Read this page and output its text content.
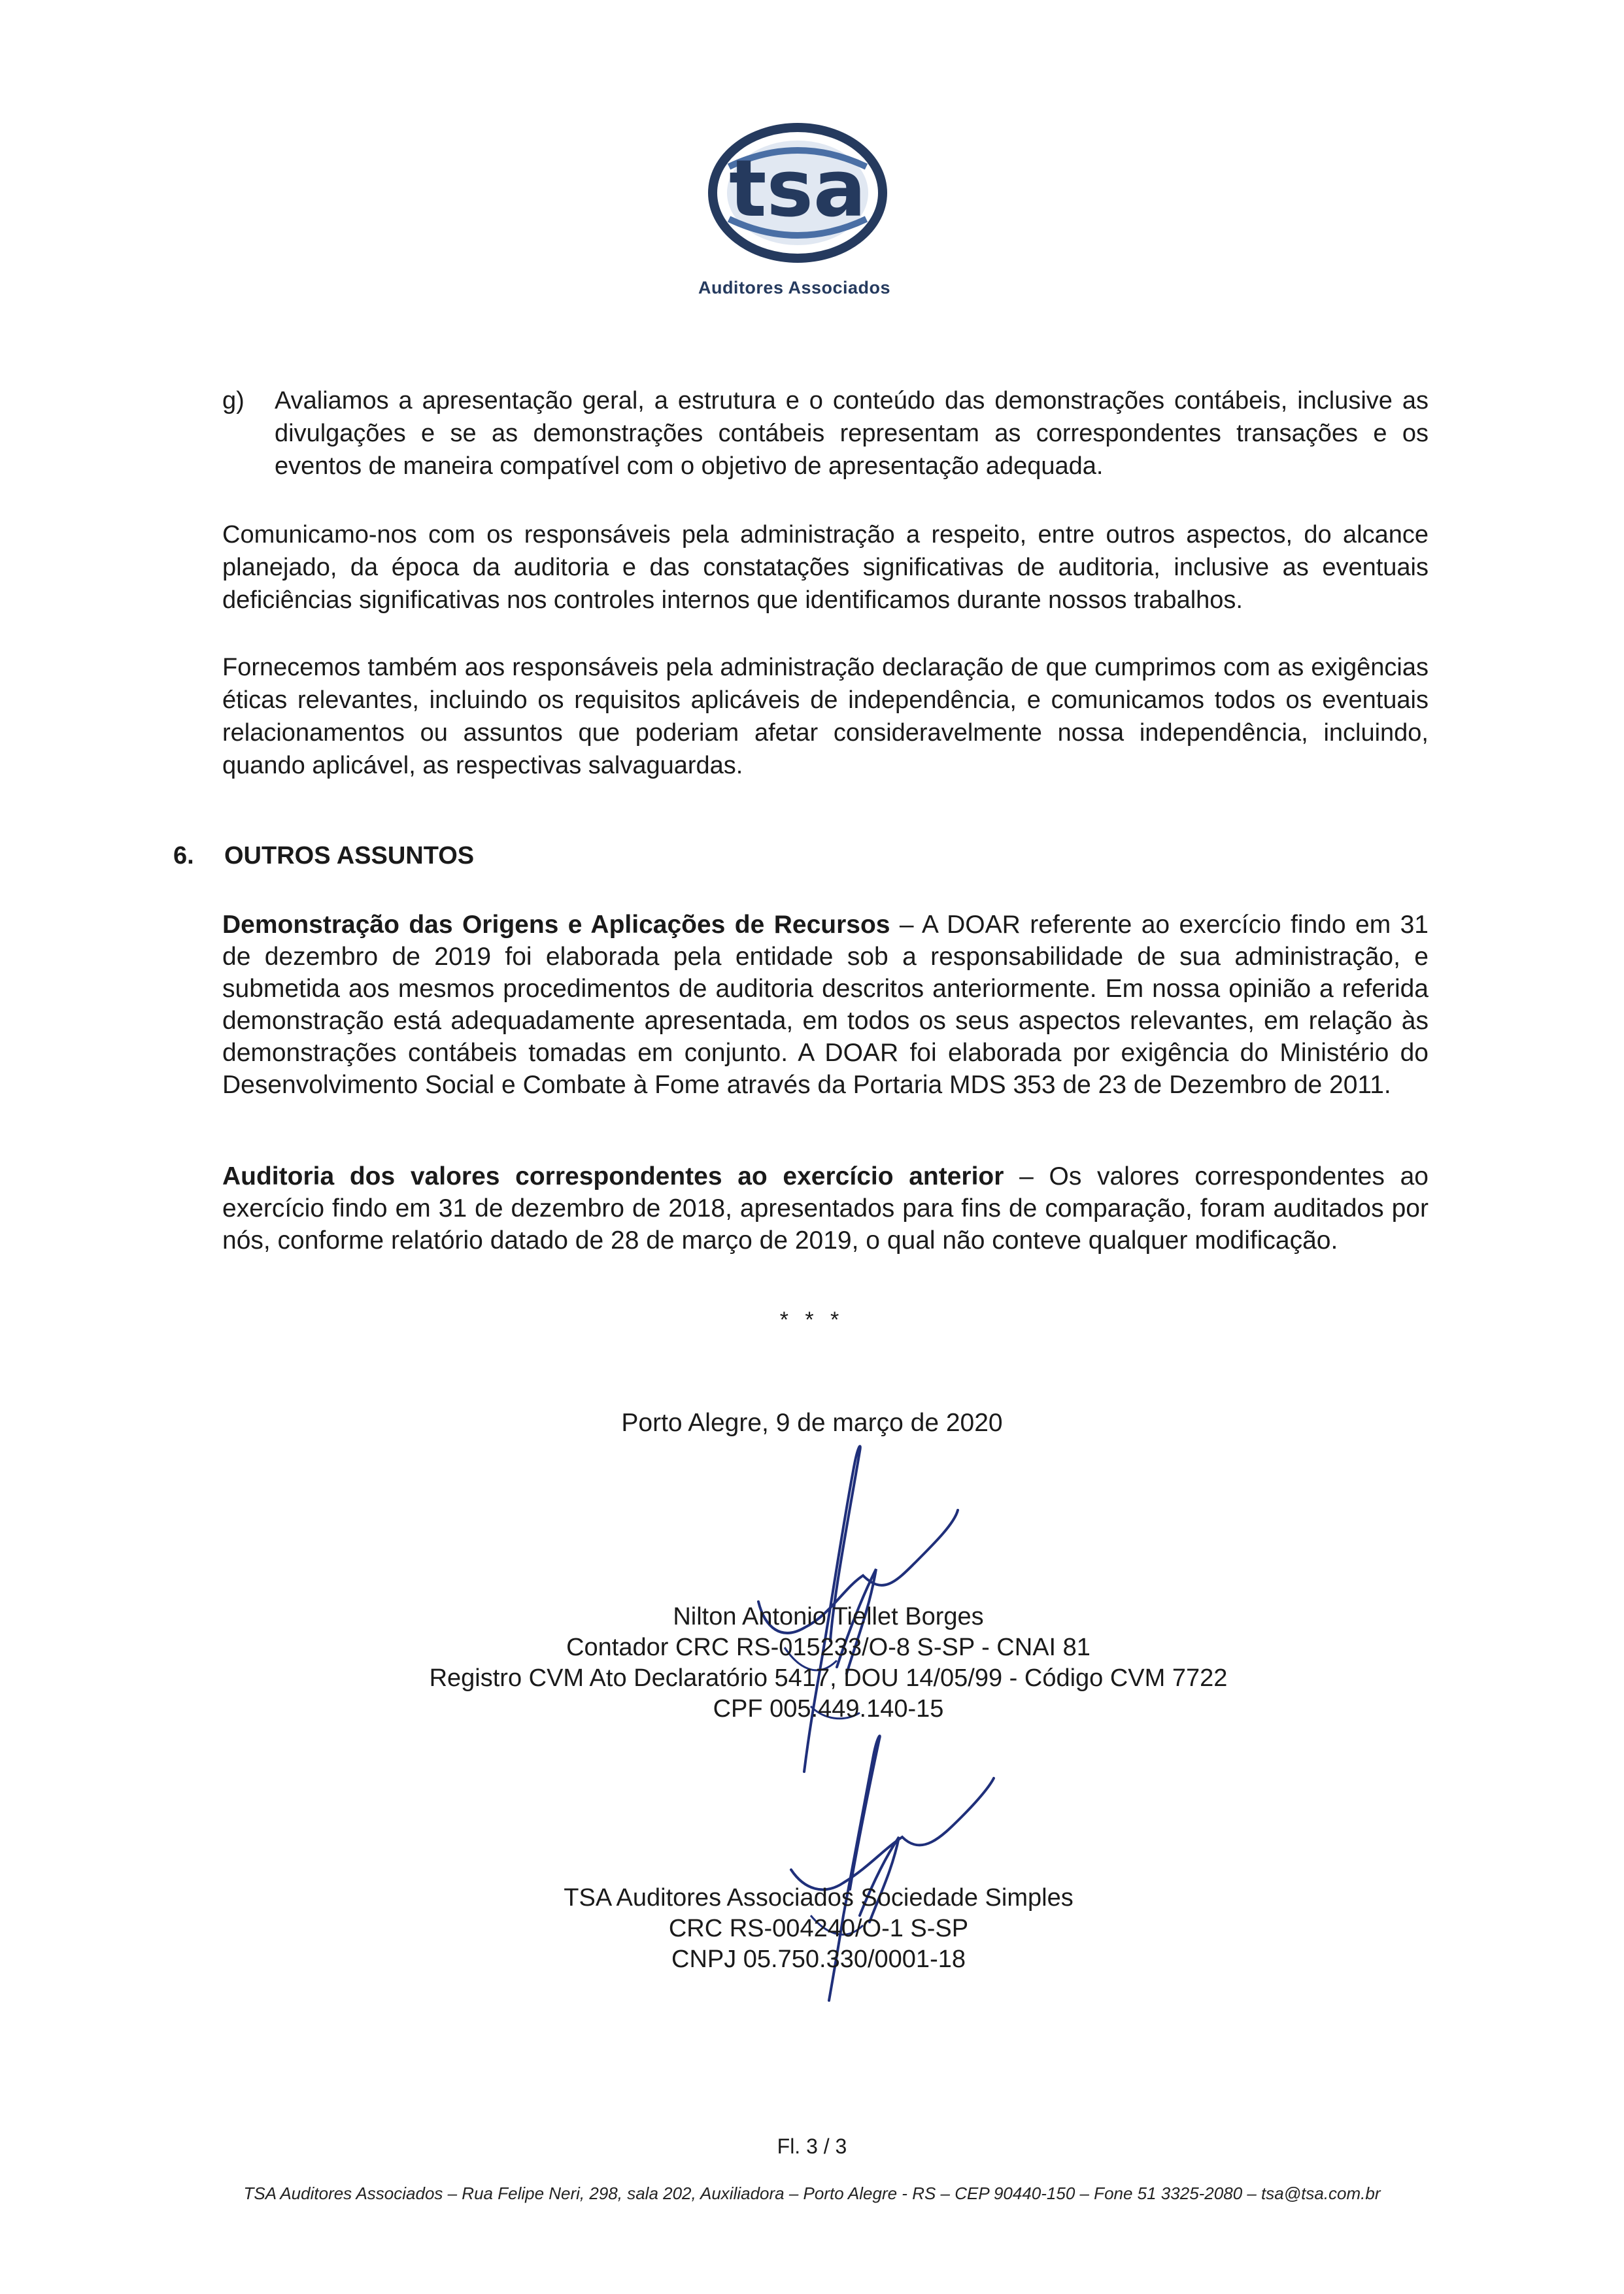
tsa
Auditores Associados
g) Avaliamos a apresentação geral, a estrutura e o conteúdo das demonstrações contábeis, inclusive as divulgações e se as demonstrações contábeis representam as correspondentes transações e os eventos de maneira compatível com o objetivo de apresentação adequada.

Comunicamo-nos com os responsáveis pela administração a respeito, entre outros aspectos, do alcance planejado, da época da auditoria e das constatações significativas de auditoria, inclusive as eventuais deficiências significativas nos controles internos que identificamos durante nossos trabalhos.

Fornecemos também aos responsáveis pela administração declaração de que cumprimos com as exigências éticas relevantes, incluindo os requisitos aplicáveis de independência, e comunicamos todos os eventuais relacionamentos ou assuntos que poderiam afetar consideravelmente nossa independência, incluindo, quando aplicável, as respectivas salvaguardas.

6. OUTROS ASSUNTOS

Demonstração das Origens e Aplicações de Recursos – A DOAR referente ao exercício findo em 31 de dezembro de 2019 foi elaborada pela entidade sob a responsabilidade de sua administração, e submetida aos mesmos procedimentos de auditoria descritos anteriormente. Em nossa opinião a referida demonstração está adequadamente apresentada, em todos os seus aspectos relevantes, em relação às demonstrações contábeis tomadas em conjunto. A DOAR foi elaborada por exigência do Ministério do Desenvolvimento Social e Combate à Fome através da Portaria MDS 353 de 23 de Dezembro de 2011.

Auditoria dos valores correspondentes ao exercício anterior – Os valores correspondentes ao exercício findo em 31 de dezembro de 2018, apresentados para fins de comparação, foram auditados por nós, conforme relatório datado de 28 de março de 2019, o qual não conteve qualquer modificação.

* * *
Porto Alegre, 9 de março de 2020

Nilton Antonio Tiellet Borges

Contador CRC RS-015233/O-8 S-SP - CNAI 81

Registro CVM Ato Declaratório 5417, DOU 14/05/99 - Código CVM 7722

CPF 005.449.140-15

TSA Auditores Associados Sociedade Simples

CRC RS-004240/O-1 S-SP

CNPJ 05.750.330/0001-18

Fl. 3 / 3
TSA Auditores Associados – Rua Felipe Neri, 298, sala 202, Auxiliadora – Porto Alegre - RS – CEP 90440-150 – Fone 51 3325-2080 – tsa@tsa.com.br
